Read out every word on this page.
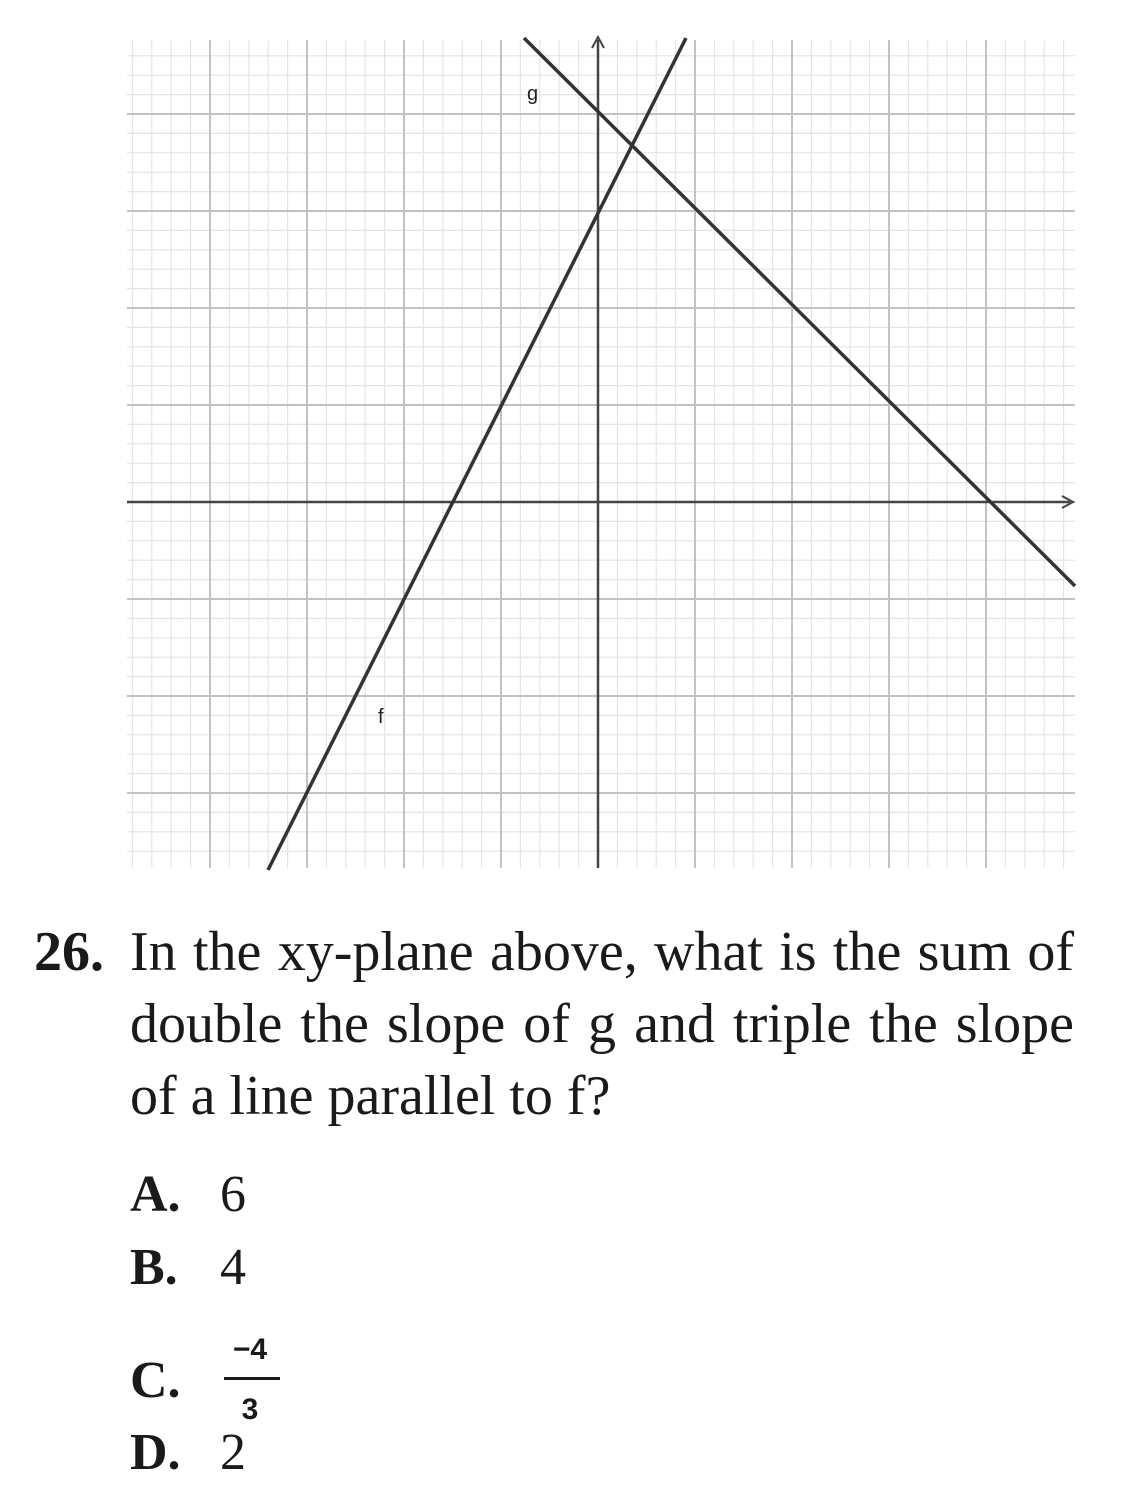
g
f
26. In the xy-plane above, what is the sum of double the slope of g and triple the slope of a line parallel to f?
A. 6
B. 4
C. $\frac{-4}{3}$
D. 2
